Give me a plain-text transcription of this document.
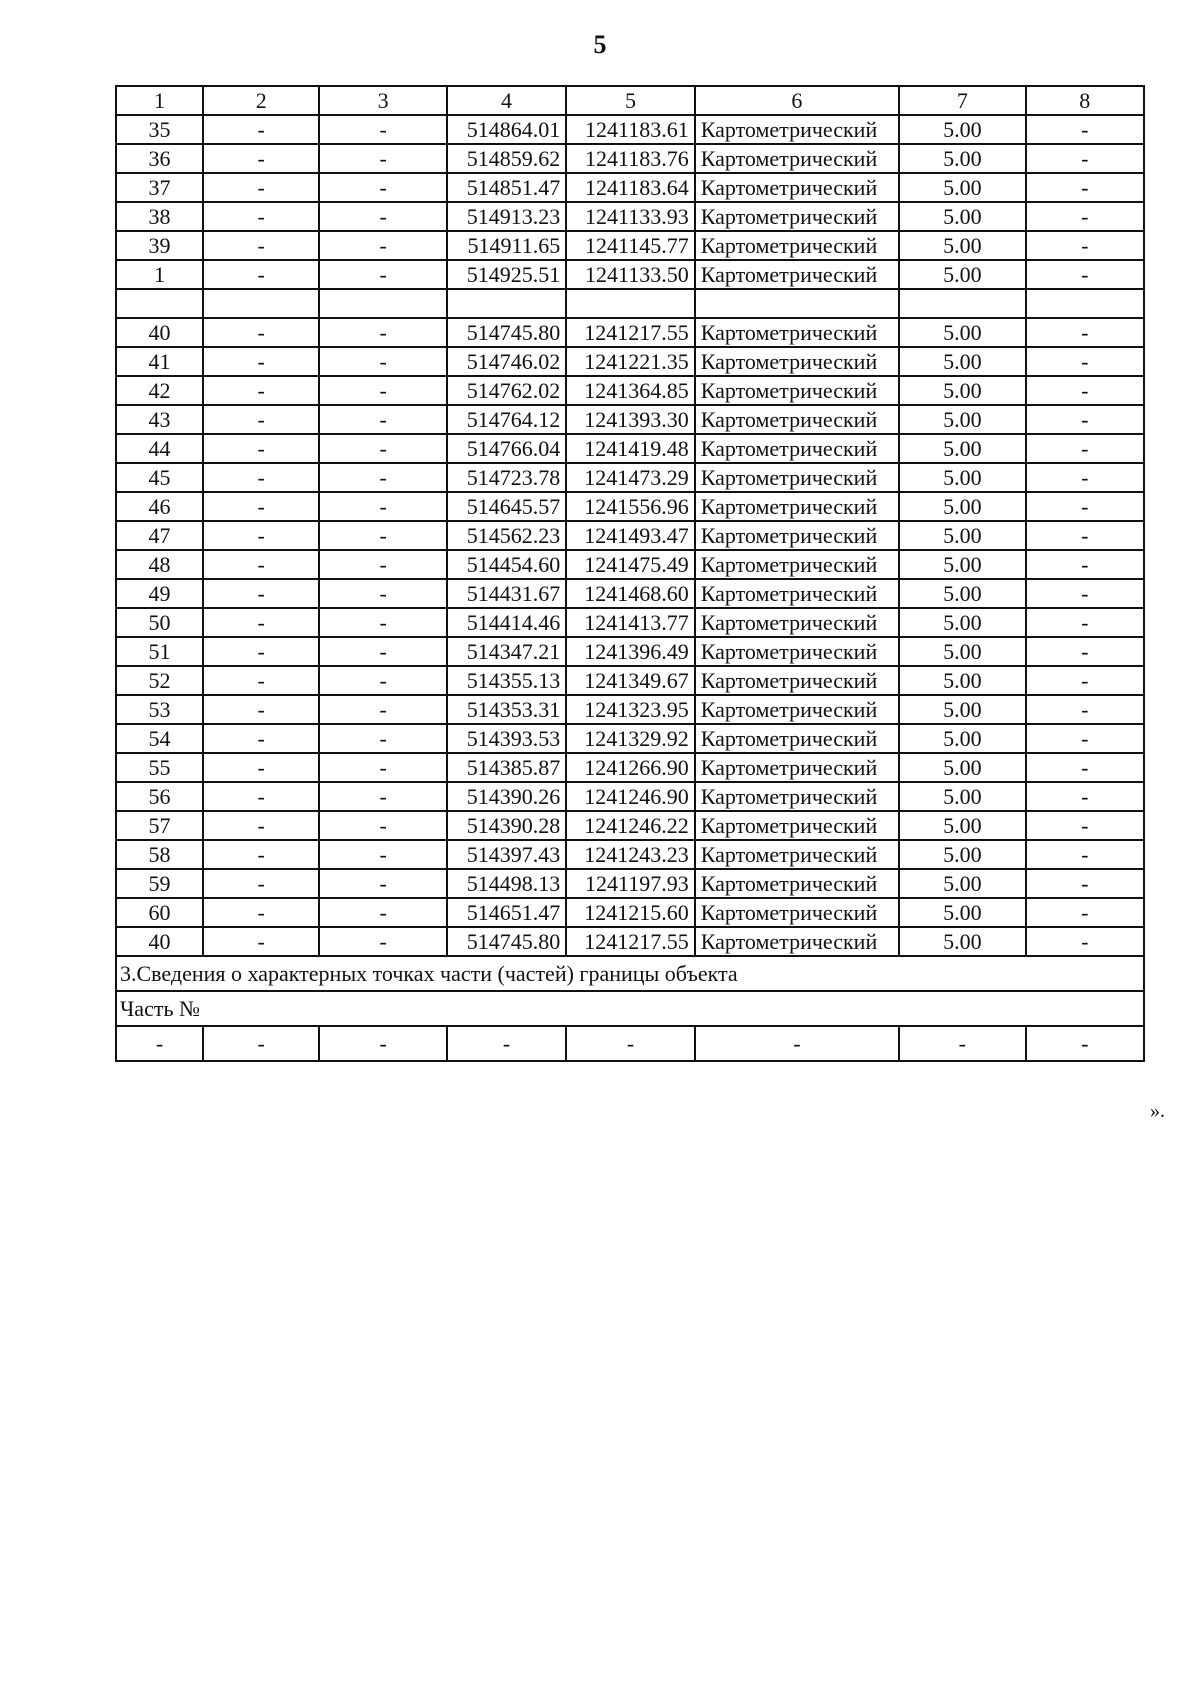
5
1	2	3	4	5	6	7	8
35	-	-	514864.01	1241183.61	Картометрический	5.00	-
36	-	-	514859.62	1241183.76	Картометрический	5.00	-
37	-	-	514851.47	1241183.64	Картометрический	5.00	-
38	-	-	514913.23	1241133.93	Картометрический	5.00	-
39	-	-	514911.65	1241145.77	Картометрический	5.00	-
1	-	-	514925.51	1241133.50	Картометрический	5.00	-

40	-	-	514745.80	1241217.55	Картометрический	5.00	-
41	-	-	514746.02	1241221.35	Картометрический	5.00	-
42	-	-	514762.02	1241364.85	Картометрический	5.00	-
43	-	-	514764.12	1241393.30	Картометрический	5.00	-
44	-	-	514766.04	1241419.48	Картометрический	5.00	-
45	-	-	514723.78	1241473.29	Картометрический	5.00	-
46	-	-	514645.57	1241556.96	Картометрический	5.00	-
47	-	-	514562.23	1241493.47	Картометрический	5.00	-
48	-	-	514454.60	1241475.49	Картометрический	5.00	-
49	-	-	514431.67	1241468.60	Картометрический	5.00	-
50	-	-	514414.46	1241413.77	Картометрический	5.00	-
51	-	-	514347.21	1241396.49	Картометрический	5.00	-
52	-	-	514355.13	1241349.67	Картометрический	5.00	-
53	-	-	514353.31	1241323.95	Картометрический	5.00	-
54	-	-	514393.53	1241329.92	Картометрический	5.00	-
55	-	-	514385.87	1241266.90	Картометрический	5.00	-
56	-	-	514390.26	1241246.90	Картометрический	5.00	-
57	-	-	514390.28	1241246.22	Картометрический	5.00	-
58	-	-	514397.43	1241243.23	Картометрический	5.00	-
59	-	-	514498.13	1241197.93	Картометрический	5.00	-
60	-	-	514651.47	1241215.60	Картометрический	5.00	-
40	-	-	514745.80	1241217.55	Картометрический	5.00	-
3.Сведения о характерных точках части (частей) границы объекта							
Часть №							
-	-	-	-	-	-	-	-
».
